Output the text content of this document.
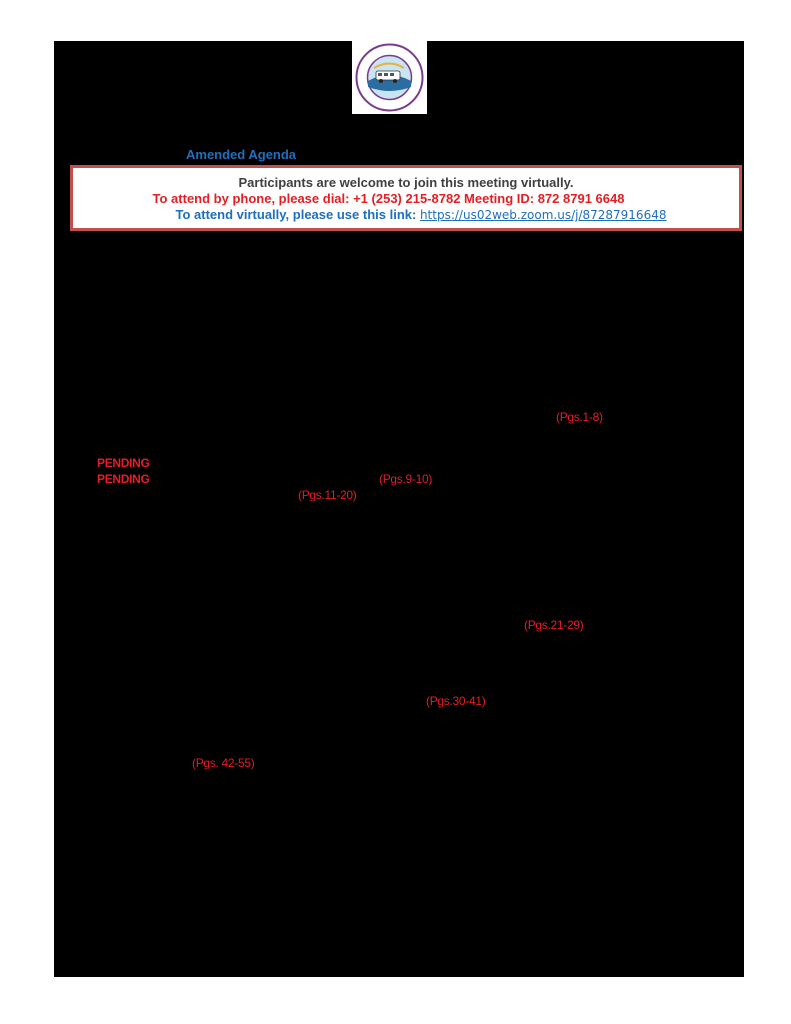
Amended Agenda
Participants are welcome to join this meeting virtually.
To attend by phone, please dial: +1 (253) 215-8782 Meeting ID: 872 8791 6648
To attend virtually, please use this link: https://us02web.zoom.us/j/87287916648
(Pgs.1-8)
PENDING
PENDING	(Pgs.9-10)
(Pgs.11-20)
(Pgs.21-29)
(Pgs.30-41)
(Pgs. 42-55)
